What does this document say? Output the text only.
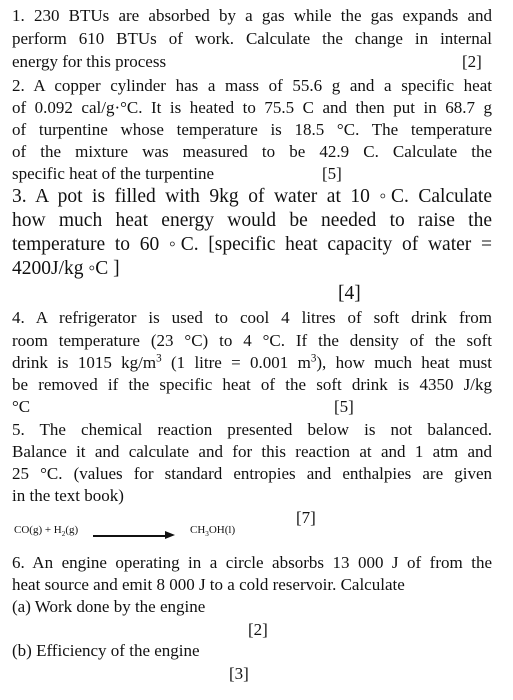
1. 230 BTUs are absorbed by a gas while the gas expands and
perform 610 BTUs of work. Calculate the change in internal
energy for this process	[2]
2. A copper cylinder has a mass of 55.6 g and a specific heat
of 0.092 cal/g·°C. It is heated to 75.5 C and then put in 68.7 g
of turpentine whose temperature is 18.5 °C. The temperature
of the mixture was measured to be 42.9 C. Calculate the
specific heat of the turpentine	[5]
3. A pot is filled with 9kg of water at 10 ◦C. Calculate
how much heat energy would be needed to raise the
temperature to 60 ◦C. [specific heat capacity of water =
4200J/kg ◦C ]
[4]
4. A refrigerator is used to cool 4 litres of soft drink from
room temperature (23 °C) to 4 °C. If the density of the soft
drink is 1015 $kg/m^3$ (1 litre = 0.001 $m^3$), how much heat must
be removed if the specific heat of the soft drink is 4350 J/kg
°C	[5]
5. The chemical reaction presented below is not balanced.
Balance it and calculate and for this reaction at and 1 atm and
25 °C. (values for standard entropies and enthalpies are given
in the text book)
[7]
$CO(g) + H_2(g)$	$CH_3OH(l)$
6. An engine operating in a circle absorbs 13 000 J of from the
heat source and emit 8 000 J to a cold reservoir. Calculate
(a) Work done by the engine
[2]
(b) Efficiency of the engine
[3]
